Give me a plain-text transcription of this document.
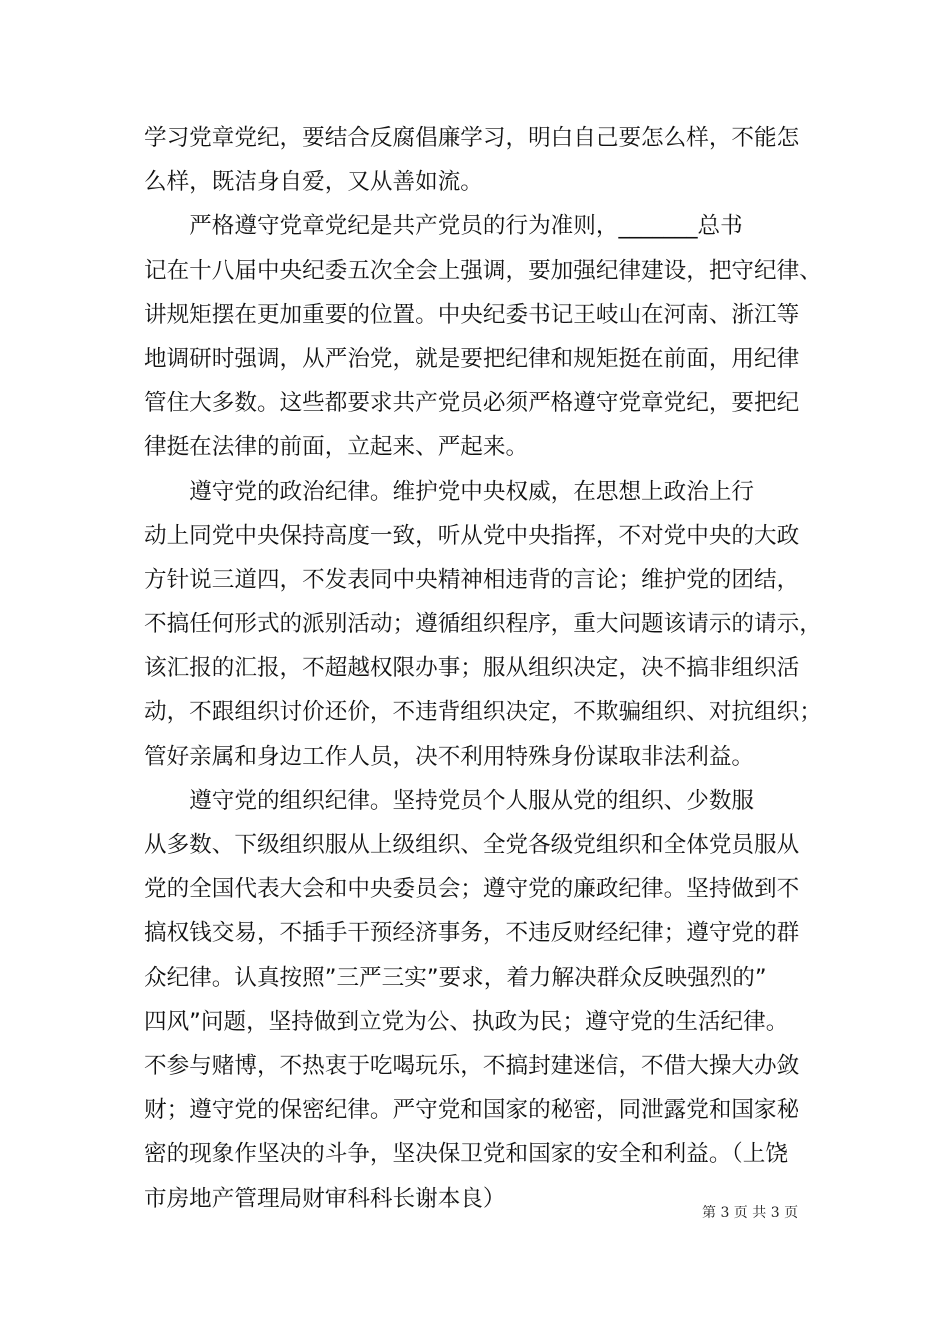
学习党章党纪，要结合反腐倡廉学习，明白自己要怎么样，不能怎
么样，既洁身自爱，又从善如流。
　　严格遵守党章党纪是共产党员的行为准则，_______总书
记在十八届中央纪委五次全会上强调，要加强纪律建设，把守纪律、
讲规矩摆在更加重要的位置。中央纪委书记王岐山在河南、浙江等
地调研时强调，从严治党，就是要把纪律和规矩挺在前面，用纪律
管住大多数。这些都要求共产党员必须严格遵守党章党纪，要把纪
律挺在法律的前面，立起来、严起来。
　　遵守党的政治纪律。维护党中央权威，在思想上政治上行
动上同党中央保持高度一致，听从党中央指挥，不对党中央的大政
方针说三道四，不发表同中央精神相违背的言论；维护党的团结，
不搞任何形式的派别活动；遵循组织程序，重大问题该请示的请示，
该汇报的汇报，不超越权限办事；服从组织决定，决不搞非组织活
动，不跟组织讨价还价，不违背组织决定，不欺骗组织、对抗组织；
管好亲属和身边工作人员，决不利用特殊身份谋取非法利益。
　　遵守党的组织纪律。坚持党员个人服从党的组织、少数服
从多数、下级组织服从上级组织、全党各级党组织和全体党员服从
党的全国代表大会和中央委员会；遵守党的廉政纪律。坚持做到不
搞权钱交易，不插手干预经济事务，不违反财经纪律；遵守党的群
众纪律。认真按照”三严三实”要求，着力解决群众反映强烈的”
四风”问题，坚持做到立党为公、执政为民；遵守党的生活纪律。
不参与赌博，不热衷于吃喝玩乐，不搞封建迷信，不借大操大办敛
财；遵守党的保密纪律。严守党和国家的秘密，同泄露党和国家秘
密的现象作坚决的斗争，坚决保卫党和国家的安全和利益。（上饶
市房地产管理局财审科科长谢本良）
第 3 页 共 3 页
